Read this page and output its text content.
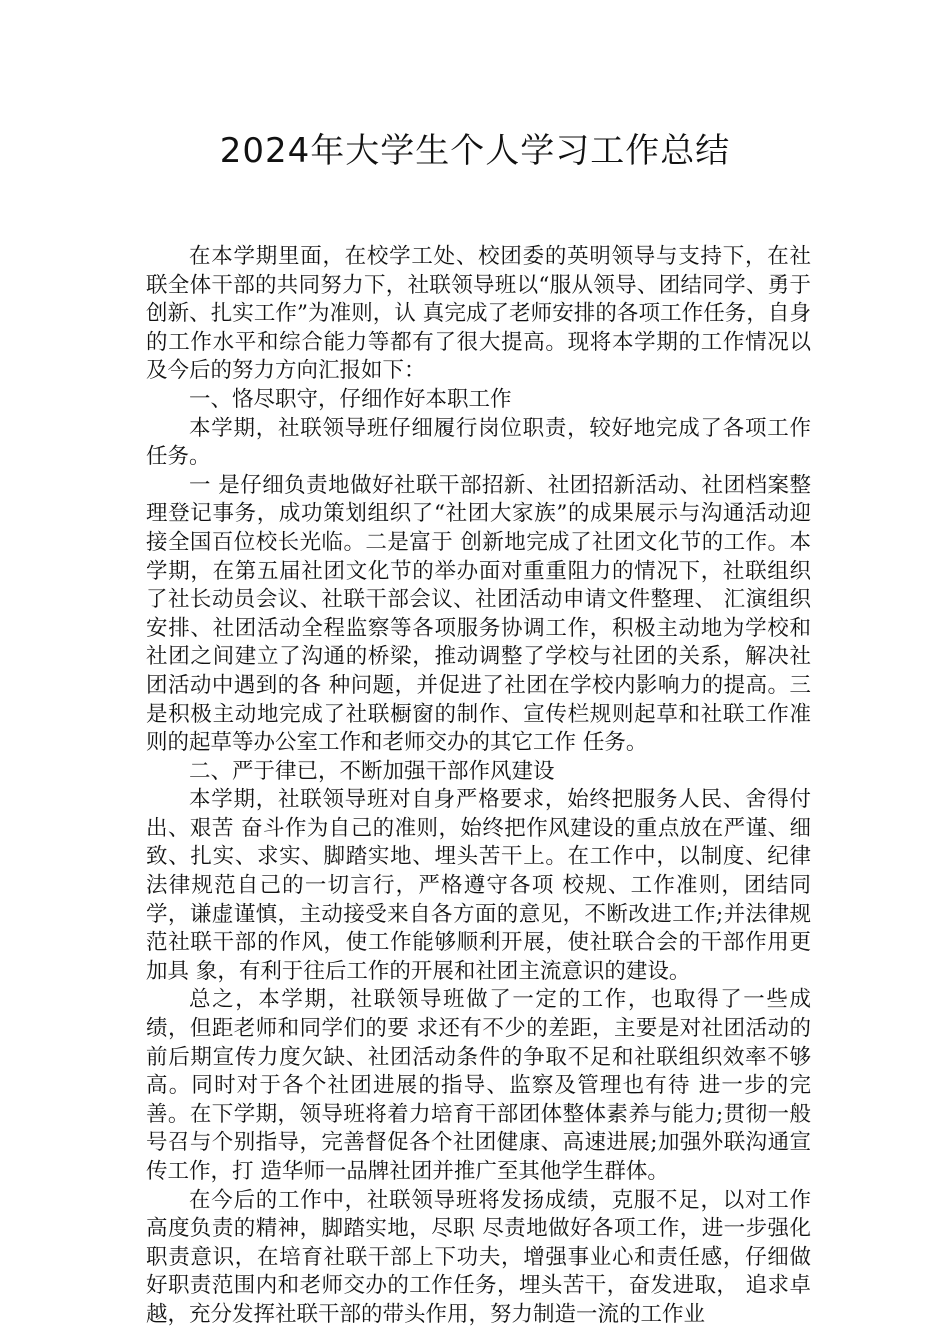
2024年大学生个人学习工作总结

在本学期里面，在校学工处、校团委的英明领导与支持下，在社联全体干部的共同努力下，社联领导班以“服从领导、团结同学、勇于创新、扎实工作”为准则，认 真完成了老师安排的各项工作任务，自身的工作水平和综合能力等都有了很大提高。现将本学期的工作情况以及今后的努力方向汇报如下：

一、恪尽职守，仔细作好本职工作

本学期，社联领导班仔细履行岗位职责，较好地完成了各项工作任务。

一 是仔细负责地做好社联干部招新、社团招新活动、社团档案整理登记事务，成功策划组织了“社团大家族”的成果展示与沟通活动迎接全国百位校长光临。二是富于 创新地完成了社团文化节的工作。本学期，在第五届社团文化节的举办面对重重阻力的情况下，社联组织了社长动员会议、社联干部会议、社团活动申请文件整理、 汇演组织安排、社团活动全程监察等各项服务协调工作，积极主动地为学校和社团之间建立了沟通的桥梁，推动调整了学校与社团的关系，解决社团活动中遇到的各 种问题，并促进了社团在学校内影响力的提高。三是积极主动地完成了社联橱窗的制作、宣传栏规则起草和社联工作准则的起草等办公室工作和老师交办的其它工作 任务。

二、严于律已，不断加强干部作风建设

本学期，社联领导班对自身严格要求，始终把服务人民、舍得付出、艰苦 奋斗作为自己的准则，始终把作风建设的重点放在严谨、细致、扎实、求实、脚踏实地、埋头苦干上。在工作中，以制度、纪律法律规范自己的一切言行，严格遵守各项 校规、工作准则，团结同学，谦虚谨慎，主动接受来自各方面的意见，不断改进工作;并法律规范社联干部的作风，使工作能够顺利开展，使社联合会的干部作用更加具 象，有利于往后工作的开展和社团主流意识的建设。

总之，本学期，社联领导班做了一定的工作，也取得了一些成绩，但距老师和同学们的要 求还有不少的差距，主要是对社团活动的前后期宣传力度欠缺、社团活动条件的争取不足和社联组织效率不够高。同时对于各个社团进展的指导、监察及管理也有待 进一步的完善。在下学期，领导班将着力培育干部团体整体素养与能力;贯彻一般号召与个别指导，完善督促各个社团健康、高速进展;加强外联沟通宣传工作，打 造华师一品牌社团并推广至其他学生群体。

在今后的工作中，社联领导班将发扬成绩，克服不足，以对工作高度负责的精神，脚踏实地，尽职 尽责地做好各项工作，进一步强化职责意识，在培育社联干部上下功夫，增强事业心和责任感，仔细做好职责范围内和老师交办的工作任务，埋头苦干，奋发进取， 追求卓越，充分发挥社联干部的带头作用，努力制造一流的工作业
